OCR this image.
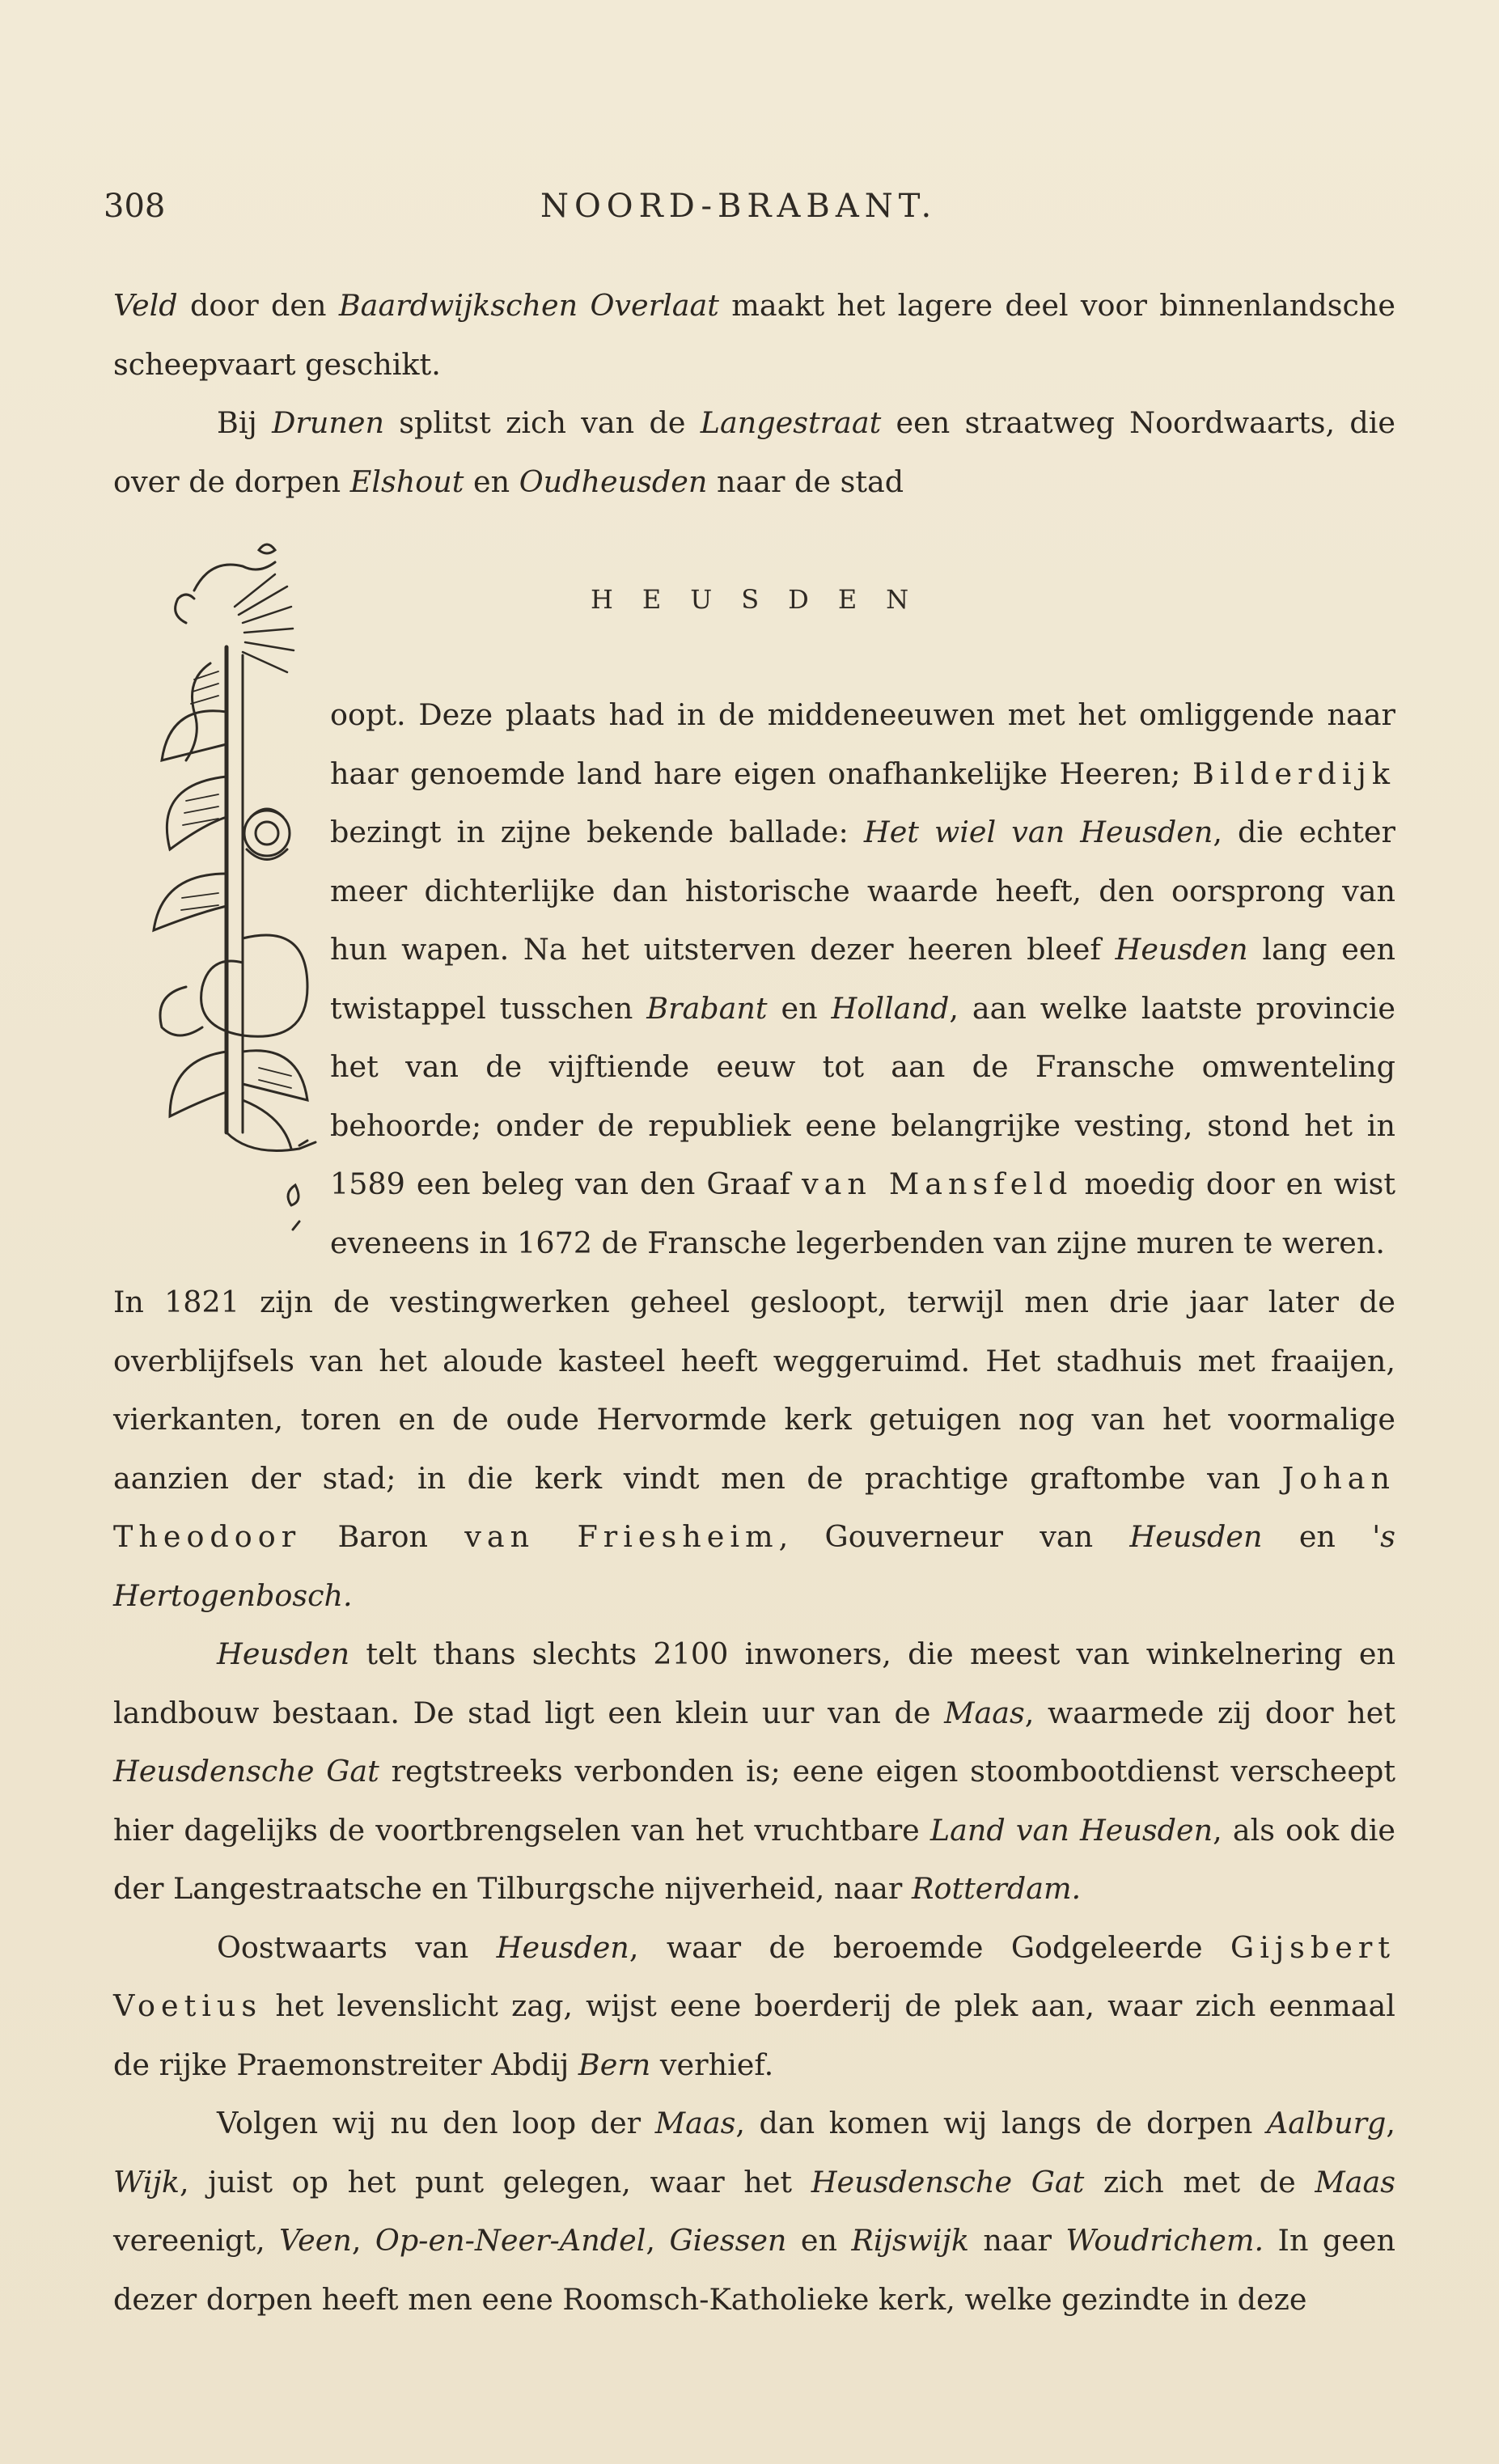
308	NOORD-BRABANT.

Veld door den Baardwijkschen Overlaat maakt het lagere deel voor binnenlandsche scheepvaart geschikt.

Bij Drunen splitst zich van de Langestraat een straatweg Noordwaarts, die over de dorpen Elshout en Oudheusden naar de stad

HEUSDEN
oopt. Deze plaats had in de middeneeuwen met het omliggende naar haar genoemde land hare eigen onafhankelijke Heeren; Bilderdijk bezingt in zijne bekende ballade: Het wiel van Heusden, die echter meer dichterlijke dan historische waarde heeft, den oorsprong van hun wapen. Na het uitsterven dezer heeren bleef Heusden lang een twistappel tusschen Brabant en Holland, aan welke laatste provincie het van de vijftiende eeuw tot aan de Fransche omwenteling behoorde; onder de republiek eene belangrijke vesting, stond het in 1589 een beleg van den Graaf van Mansfeld moedig door en wist eveneens in 1672 de Fransche legerbenden van zijne muren te weren.

In 1821 zijn de vestingwerken geheel gesloopt, terwijl men drie jaar later de overblijfsels van het aloude kasteel heeft weggeruimd. Het stadhuis met fraaijen, vierkanten, toren en de oude Hervormde kerk getuigen nog van het voormalige aanzien der stad; in die kerk vindt men de prachtige graftombe van Johan Theodoor Baron van Friesheim, Gouverneur van Heusden en 's Hertogenbosch.

Heusden telt thans slechts 2100 inwoners, die meest van winkelnering en landbouw bestaan. De stad ligt een klein uur van de Maas, waarmede zij door het Heusdensche Gat regtstreeks verbonden is; eene eigen stoombootdienst verscheept hier dagelijks de voortbrengselen van het vruchtbare Land van Heusden, als ook die der Langestraatsche en Tilburgsche nijverheid, naar Rotterdam.

Oostwaarts van Heusden, waar de beroemde Godgeleerde Gijsbert Voetius het levenslicht zag, wijst eene boerderij de plek aan, waar zich eenmaal de rijke Praemonstreiter Abdij Bern verhief.

Volgen wij nu den loop der Maas, dan komen wij langs de dorpen Aalburg, Wijk, juist op het punt gelegen, waar het Heusdensche Gat zich met de Maas vereenigt, Veen, Op-en-Neer-Andel, Giessen en Rijswijk naar Woudrichem. In geen dezer dorpen heeft men eene Roomsch-Katholieke kerk, welke gezindte in deze
